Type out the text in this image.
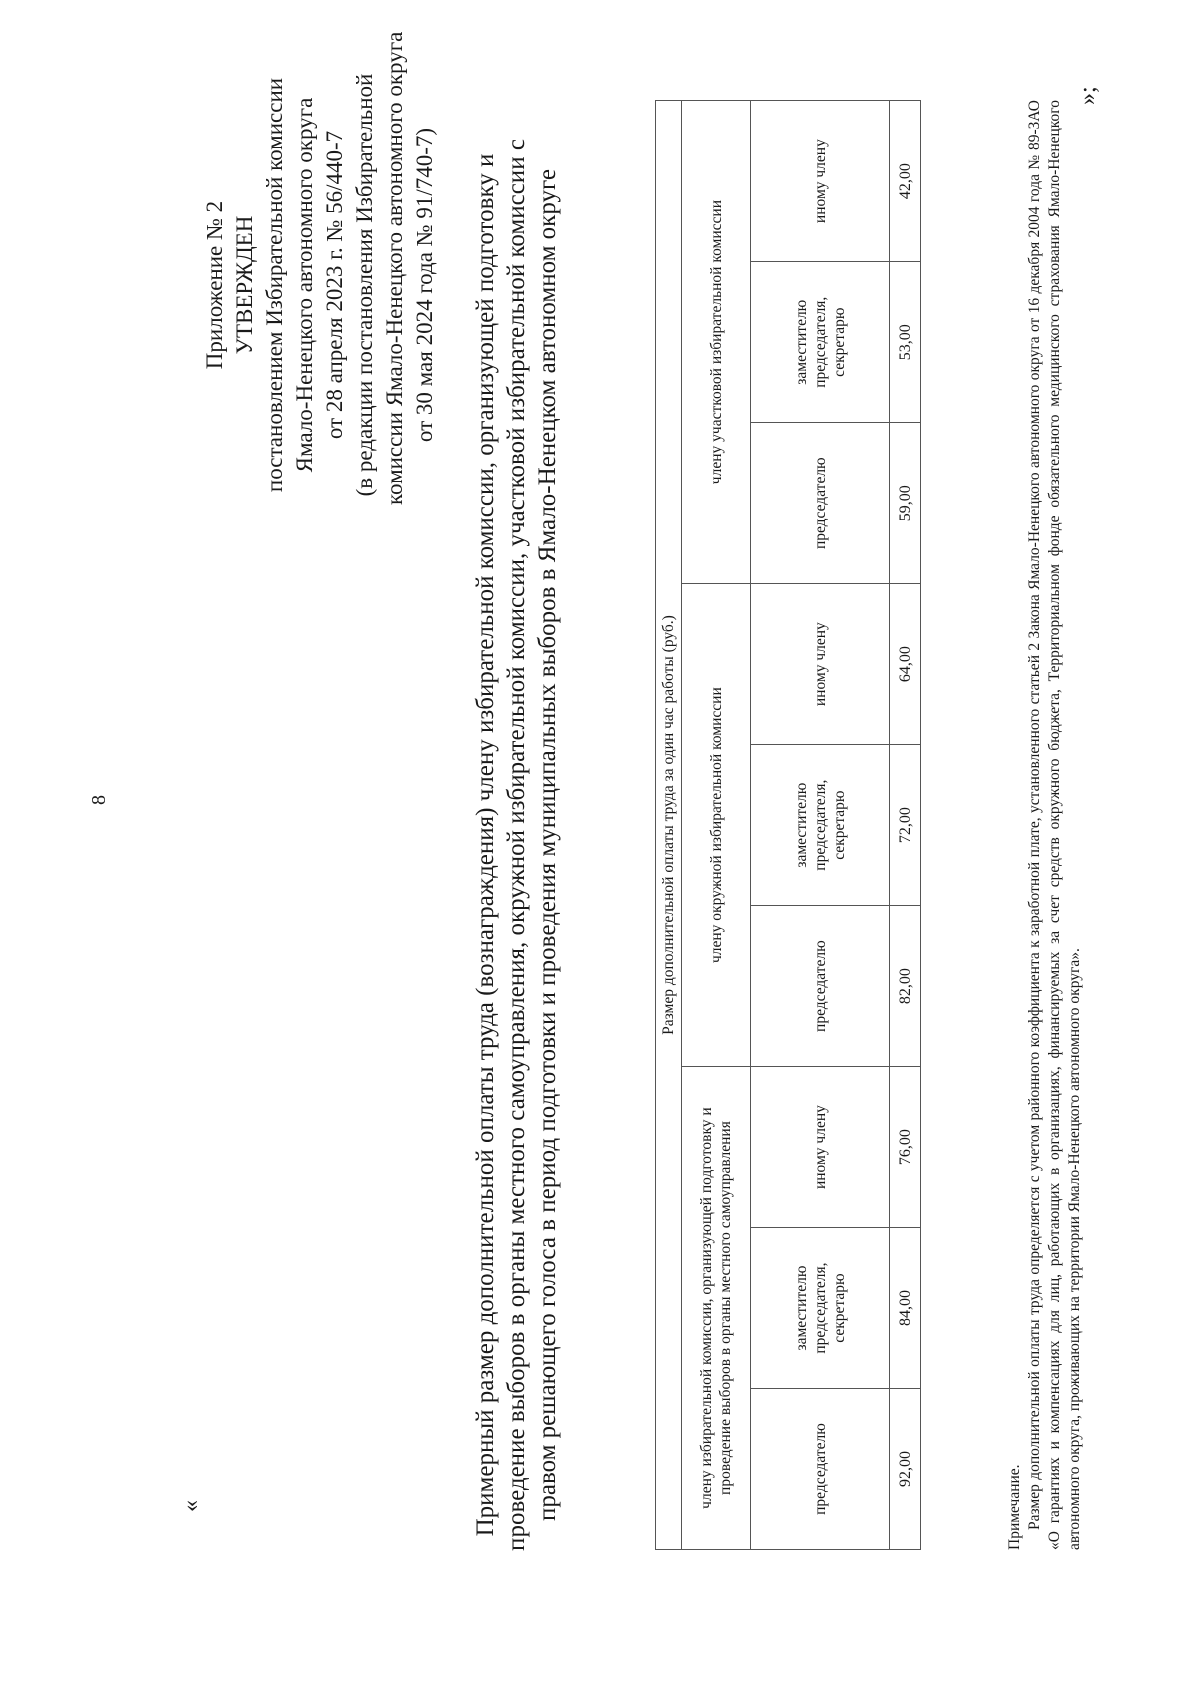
8
«
Приложение № 2 УТВЕРЖДЕН постановлением Избирательной комиссии Ямало-Ненецкого автономного округа от 28 апреля 2023 г. № 56/440-7 (в редакции постановления Избирательной комиссии Ямало-Ненецкого автономного округа от 30 мая 2024 года № 91/740-7) Примерный размер дополнительной оплаты труда (вознаграждения) члену избирательной комиссии, организующей подготовку и проведение выборов в органы местного самоуправления, окружной избирательной комиссии, участковой избирательной комиссии с правом решающего голоса в период подготовки и проведения муниципальных выборов в Ямало-Ненецком автономном округе	Размер дополнительной оплаты труда за один час работы (руб.)								
члену избирательной комиссии, организующей подготовку и проведение выборов в органы местного самоуправления			члену окружной избирательной комиссии			члену участковой избирательной комиссии		
председателю	заместителю председателя, секретарю	иному члену	председателю	заместителю председателя, секретарю	иному члену	председателю	заместителю председателя, секретарю	иному члену
92,00	84,00	76,00	82,00	72,00	64,00	59,00	53,00	42,00
Примечание. Размер дополнительной оплаты труда определяется с учетом районного коэффициента к заработной плате, установленного статьей 2 Закона Ямало-Ненецкого автономного округа от 16 декабря 2004 года № 89-ЗАО «О гарантиях и компенсациях для лиц, работающих в организациях, финансируемых за счет средств окружного бюджета, Территориальном фонде обязательного медицинского страхования Ямало-Ненецкого автономного округа, проживающих на территории Ямало-Ненецкого автономного округа».
»;
